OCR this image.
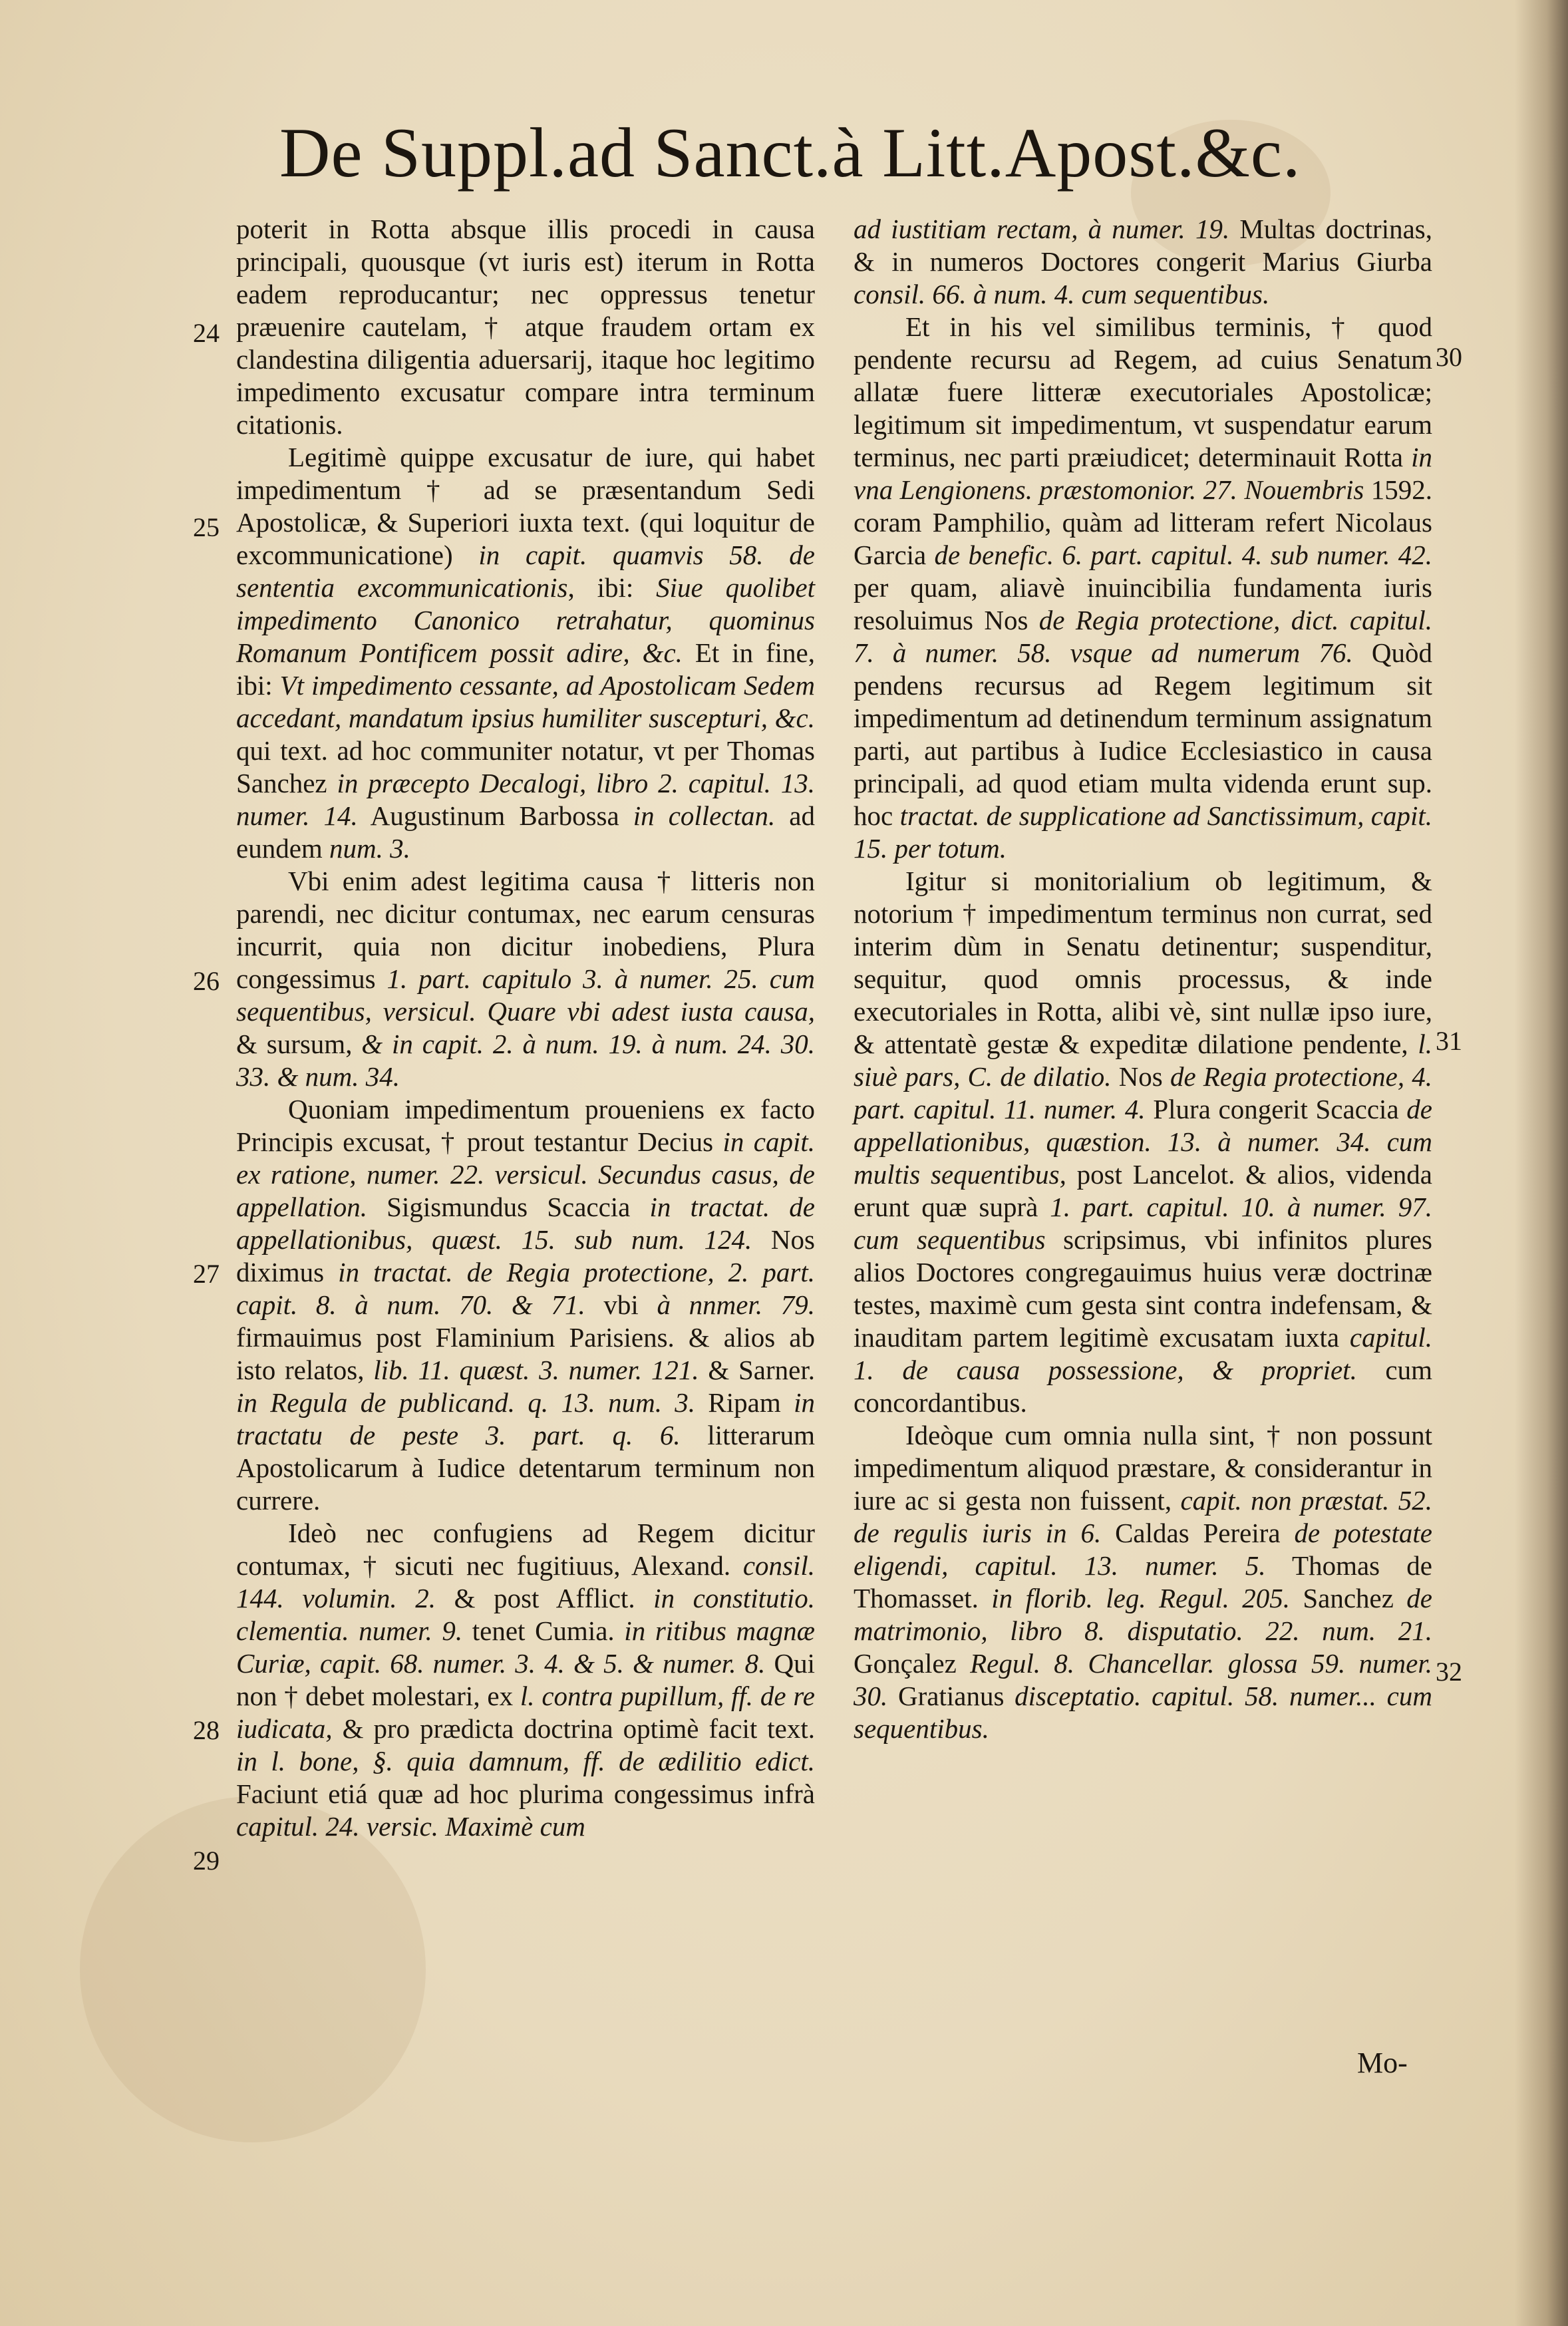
De Suppl.ad Sanct.à Litt.Apost.&c.
24
25
26
27
28
29
30
31
32

poterit in Rotta absque illis procedi in causa principali, quousque (vt iuris est) iterum in Rotta eadem reproducantur; nec oppressus tenetur præuenire cautelam, † atque fraudem ortam ex clandestina diligentia aduersarij, itaque hoc legitimo impedimento excusatur compare intra terminum citationis.

Legitimè quippe excusatur de iure, qui habet impedimentum † ad se præsentandum Sedi Apostolicæ, & Superiori iuxta text. (qui loquitur de excommunicatione) in capit. quamvis 58. de sententia excommunicationis, ibi: Siue quolibet impedimento Canonico retrahatur, quominus Romanum Pontificem possit adire, &c. Et in fine, ibi: Vt impedimento cessante, ad Apostolicam Sedem accedant, mandatum ipsius humiliter suscepturi, &c. qui text. ad hoc communiter notatur, vt per Thomas Sanchez in præcepto Decalogi, libro 2. capitul. 13. numer. 14. Augustinum Barbossa in collectan. ad eundem num. 3.

Vbi enim adest legitima causa † litteris non parendi, nec dicitur contumax, nec earum censuras incurrit, quia non dicitur inobediens, Plura congessimus 1. part. capitulo 3. à numer. 25. cum sequentibus, versicul. Quare vbi adest iusta causa, & sursum, & in capit. 2. à num. 19. à num. 24. 30. 33. & num. 34.

Quoniam impedimentum proueniens ex facto Principis excusat, † prout testantur Decius in capit. ex ratione, numer. 22. versicul. Secundus casus, de appellation. Sigismundus Scaccia in tractat. de appellationibus, quæst. 15. sub num. 124. Nos diximus in tractat. de Regia protectione, 2. part. capit. 8. à num. 70. & 71. vbi à nnmer. 79. firmauimus post Flaminium Parisiens. & alios ab isto relatos, lib. 11. quæst. 3. numer. 121. & Sarner. in Regula de publicand. q. 13. num. 3. Ripam in tractatu de peste 3. part. q. 6. litterarum Apostolicarum à Iudice detentarum terminum non currere.

Ideò nec confugiens ad Regem dicitur contumax, † sicuti nec fugitiuus, Alexand. consil. 144. volumin. 2. & post Afflict. in constitutio. clementia. numer. 9. tenet Cumia. in ritibus magnæ Curiæ, capit. 68. numer. 3. 4. & 5. & numer. 8. Qui non † debet molestari, ex l. contra pupillum, ff. de re iudicata, & pro prædicta doctrina optimè facit text. in l. bone, §. quia damnum, ff. de ædilitio edict. Faciunt etiá quæ ad hoc plurima congessimus infrà capitul. 24. versic. Maximè cum

ad iustitiam rectam, à numer. 19. Multas doctrinas, & in numeros Doctores congerit Marius Giurba consil. 66. à num. 4. cum sequentibus.

Et in his vel similibus terminis, † quod pendente recursu ad Regem, ad cuius Senatum allatæ fuere litteræ executoriales Apostolicæ; legitimum sit impedimentum, vt suspendatur earum terminus, nec parti præiudicet; determinauit Rotta in vna Lengionens. præstomonior. 27. Nouembris 1592. coram Pamphilio, quàm ad litteram refert Nicolaus Garcia de benefic. 6. part. capitul. 4. sub numer. 42. per quam, aliavè inuincibilia fundamenta iuris resoluimus Nos de Regia protectione, dict. capitul. 7. à numer. 58. vsque ad numerum 76. Quòd pendens recursus ad Regem legitimum sit impedimentum ad detinendum terminum assignatum parti, aut partibus à Iudice Ecclesiastico in causa principali, ad quod etiam multa videnda erunt sup. hoc tractat. de supplicatione ad Sanctissimum, capit. 15. per totum.

Igitur si monitorialium ob legitimum, & notorium † impedimentum terminus non currat, sed interim dùm in Senatu detinentur; suspenditur, sequitur, quod omnis processus, & inde executoriales in Rotta, alibi vè, sint nullæ ipso iure, & attentatè gestæ & expeditæ dilatione pendente, l. siuè pars, C. de dilatio. Nos de Regia protectione, 4. part. capitul. 11. numer. 4. Plura congerit Scaccia de appellationibus, quæstion. 13. à numer. 34. cum multis sequentibus, post Lancelot. & alios, videnda erunt quæ suprà 1. part. capitul. 10. à numer. 97. cum sequentibus scripsimus, vbi infinitos plures alios Doctores congregauimus huius veræ doctrinæ testes, maximè cum gesta sint contra indefensam, & inauditam partem legitimè excusatam iuxta capitul. 1. de causa possessione, & propriet. cum concordantibus.

Ideòque cum omnia nulla sint, † non possunt impedimentum aliquod præstare, & considerantur in iure ac si gesta non fuissent, capit. non præstat. 52. de regulis iuris in 6. Caldas Pereira de potestate eligendi, capitul. 13. numer. 5. Thomas de Thomasset. in florib. leg. Regul. 205. Sanchez de matrimonio, libro 8. disputatio. 22. num. 21. Gonçalez Regul. 8. Chancellar. glossa 59. numer. 30. Gratianus disceptatio. capitul. 58. numer... cum sequentibus.

Mo-
